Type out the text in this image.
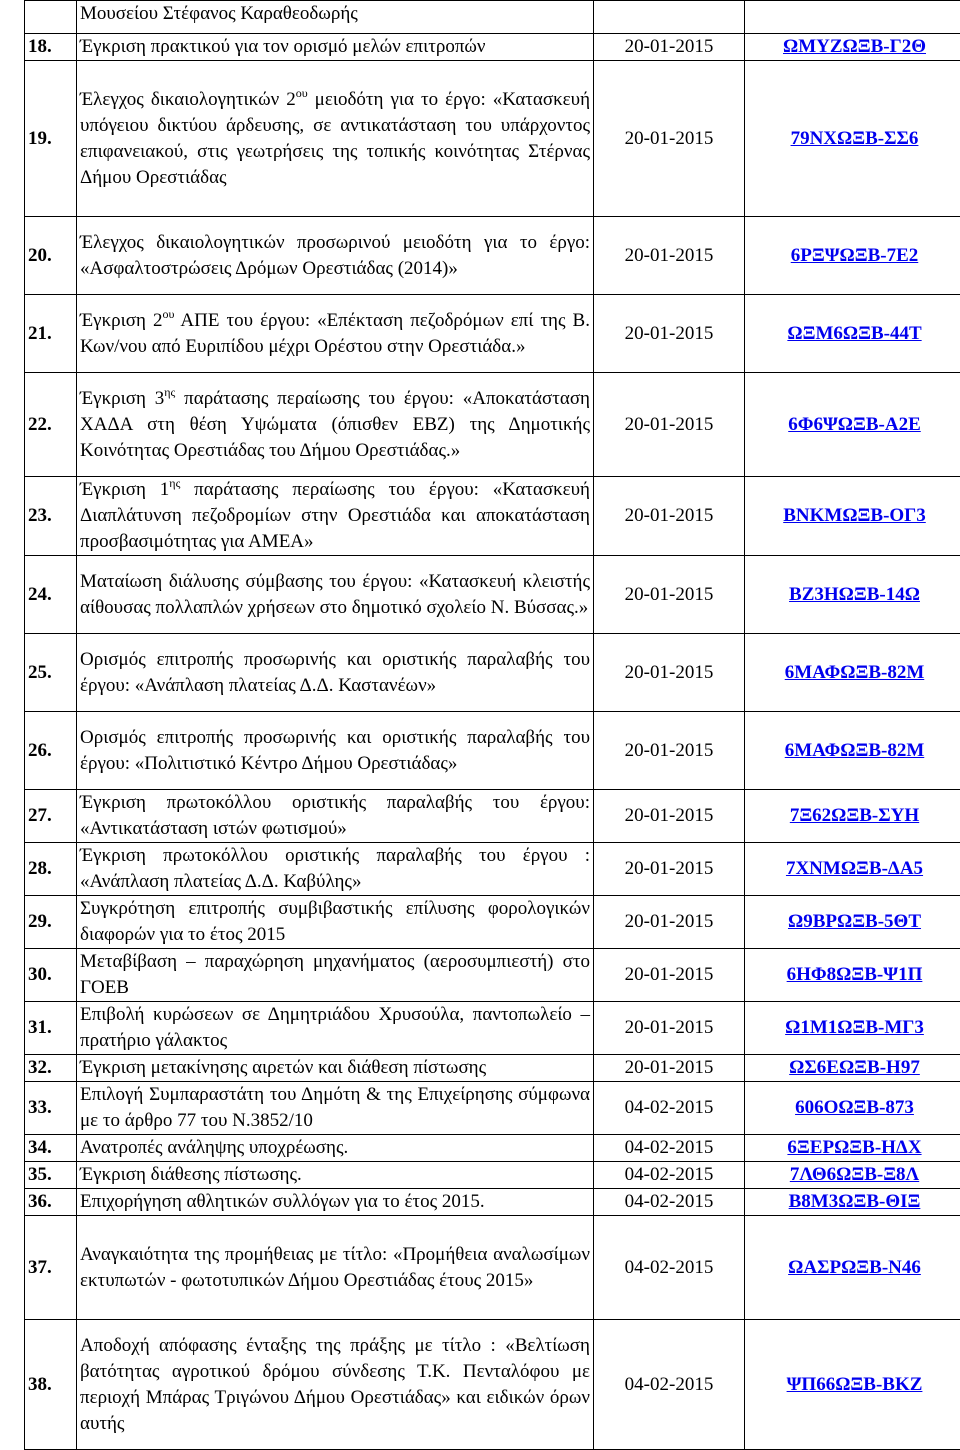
	Μουσείου Στέφανος Καραθεοδωρής		
18.	Έγκριση πρακτικού για τον ορισμό μελών επιτροπών	20-01-2015	ΩΜΥΖΩΞΒ-Γ2Θ
19.	Έλεγχος δικαιολογητικών $2^{o\upsilon}$ μειοδότη για το έργο: «Κατασκευή υπόγειου δικτύου άρδευσης, σε αντικατάσταση του υπάρχοντος επιφανειακού, στις γεωτρήσεις της τοπικής κοινότητας Στέρνας Δήμου Ορεστιάδας	20-01-2015	79ΝΧΩΞΒ-ΣΣ6
20.	Έλεγχος δικαιολογητικών προσωρινού μειοδότη για το έργο: «Ασφαλτοστρώσεις Δρόμων Ορεστιάδας (2014)»	20-01-2015	6ΡΞΨΩΞΒ-7Ε2
21.	Έγκριση $2^{o\upsilon}$ ΑΠΕ του έργου: «Επέκταση πεζοδρόμων επί της Β. Κων/νου από Ευριπίδου μέχρι Ορέστου στην Ορεστιάδα.»	20-01-2015	ΩΞΜ6ΩΞΒ-44Τ
22.	Έγκριση $3^{\eta\varsigma}$ παράτασης περαίωσης του έργου: «Αποκατάσταση ΧΑΔΑ στη θέση Υψώματα (όπισθεν ΕΒΖ) της Δημοτικής Κοινότητας Ορεστιάδας του Δήμου Ορεστιάδας.»	20-01-2015	6Φ6ΨΩΞΒ-Α2Ε
23.	Έγκριση $1^{\eta\varsigma}$ παράτασης περαίωσης του έργου: «Κατασκευή Διαπλάτυνση πεζοδρομίων στην Ορεστιάδα και αποκατάσταση προσβασιμότητας για ΑΜΕΑ»	20-01-2015	ΒΝΚΜΩΞΒ-ΟΓ3
24.	Ματαίωση διάλυσης σύμβασης του έργου: «Κατασκευή κλειστής αίθουσας πολλαπλών χρήσεων στο δημοτικό σχολείο Ν. Βύσσας.»	20-01-2015	ΒΖ3ΗΩΞΒ-14Ω
25.	Ορισμός επιτροπής προσωρινής και οριστικής παραλαβής του έργου: «Ανάπλαση πλατείας Δ.Δ. Καστανέων»	20-01-2015	6ΜΑΦΩΞΒ-82Μ
26.	Ορισμός επιτροπής προσωρινής και οριστικής παραλαβής του έργου: «Πολιτιστικό Κέντρο Δήμου Ορεστιάδας»	20-01-2015	6ΜΑΦΩΞΒ-82Μ
27.	Έγκριση πρωτοκόλλου οριστικής παραλαβής του έργου: «Αντικατάσταση ιστών φωτισμού»	20-01-2015	7Ξ62ΩΞΒ-ΣΥΗ
28.	Έγκριση πρωτοκόλλου οριστικής παραλαβής του έργου : «Ανάπλαση πλατείας Δ.Δ. Καβύλης»	20-01-2015	7ΧΝΜΩΞΒ-ΔΑ5
29.	Συγκρότηση επιτροπής συμβιβαστικής επίλυσης φορολογικών διαφορών για το έτος 2015	20-01-2015	Ω9ΒΡΩΞΒ-5ΘΤ
30.	Μεταβίβαση – παραχώρηση μηχανήματος (αεροσυμπιεστή) στο ΓΟΕΒ	20-01-2015	6ΗΦ8ΩΞΒ-Ψ1Π
31.	Επιβολή κυρώσεων σε Δημητριάδου Χρυσούλα, παντοπωλείο – πρατήριο γάλακτος	20-01-2015	Ω1Μ1ΩΞΒ-ΜΓ3
32.	Έγκριση μετακίνησης αιρετών και διάθεση πίστωσης	20-01-2015	ΩΣ6ΕΩΞΒ-Η97
33.	Επιλογή Συμπαραστάτη του Δημότη & της Επιχείρησης σύμφωνα με το άρθρο 77 του Ν.3852/10	04-02-2015	606ΟΩΞΒ-873
34.	Ανατροπές ανάληψης υποχρέωσης.	04-02-2015	6ΞΕΡΩΞΒ-ΗΔΧ
35.	Έγκριση διάθεσης πίστωσης.	04-02-2015	7ΛΘ6ΩΞΒ-Ξ8Λ
36.	Επιχορήγηση αθλητικών συλλόγων για το έτος 2015.	04-02-2015	Β8Μ3ΩΞΒ-ΘΙΞ
37.	Αναγκαιότητα της προμήθειας με τίτλο: «Προμήθεια αναλωσίμων εκτυπωτών - φωτοτυπικών Δήμου Ορεστιάδας έτους 2015»	04-02-2015	ΩΑΣΡΩΞΒ-Ν46
38.	Αποδοχή απόφασης ένταξης της πράξης με τίτλο : «Βελτίωση βατότητας αγροτικού δρόμου σύνδεσης Τ.Κ. Πενταλόφου με περιοχή Μπάρας Τριγώνου Δήμου Ορεστιάδας» και ειδικών όρων αυτής	04-02-2015	ΨΠ66ΩΞΒ-ΒΚΖ
